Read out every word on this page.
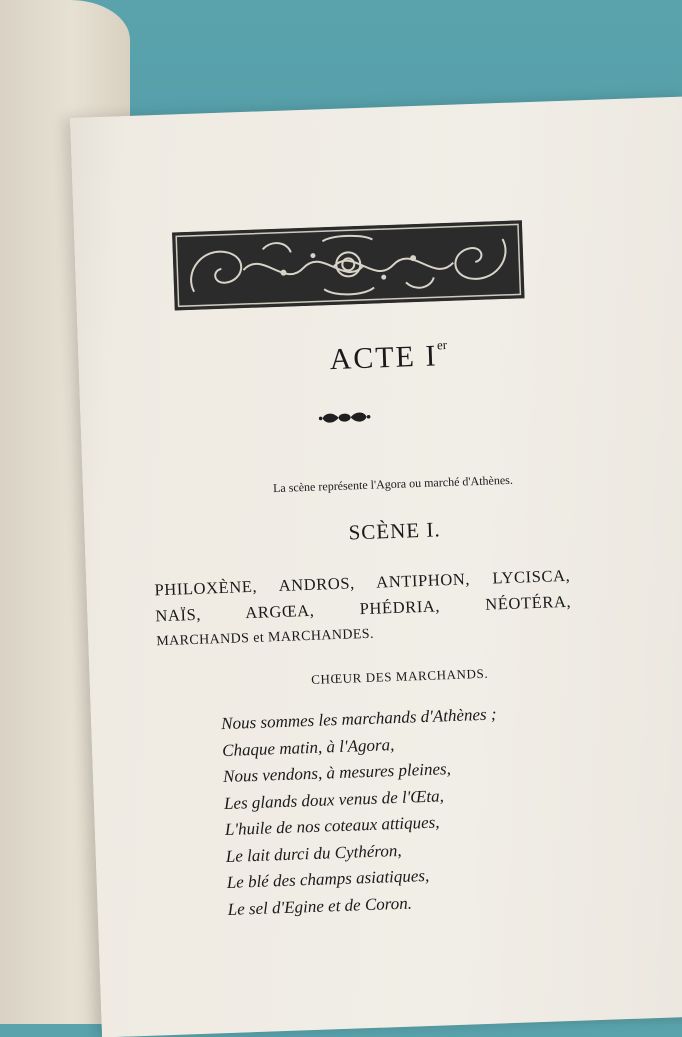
ACTE Ier
La scène représente l'Agora ou marché d'Athènes.
SCÈNE I.
PHILOXÈNE, ANDROS, ANTIPHON, LYCISCA,
NAÏS, ARGŒA, PHÉDRIA, NÉOTÉRA,
MARCHANDS et MARCHANDES.
CHŒUR DES MARCHANDS.
Nous sommes les marchands d'Athènes ;
Chaque matin, à l'Agora,
Nous vendons, à mesures pleines,
Les glands doux venus de l'Œta,
L'huile de nos coteaux attiques,
Le lait durci du Cythéron,
Le blé des champs asiatiques,
Le sel d'Egine et de Coron.
